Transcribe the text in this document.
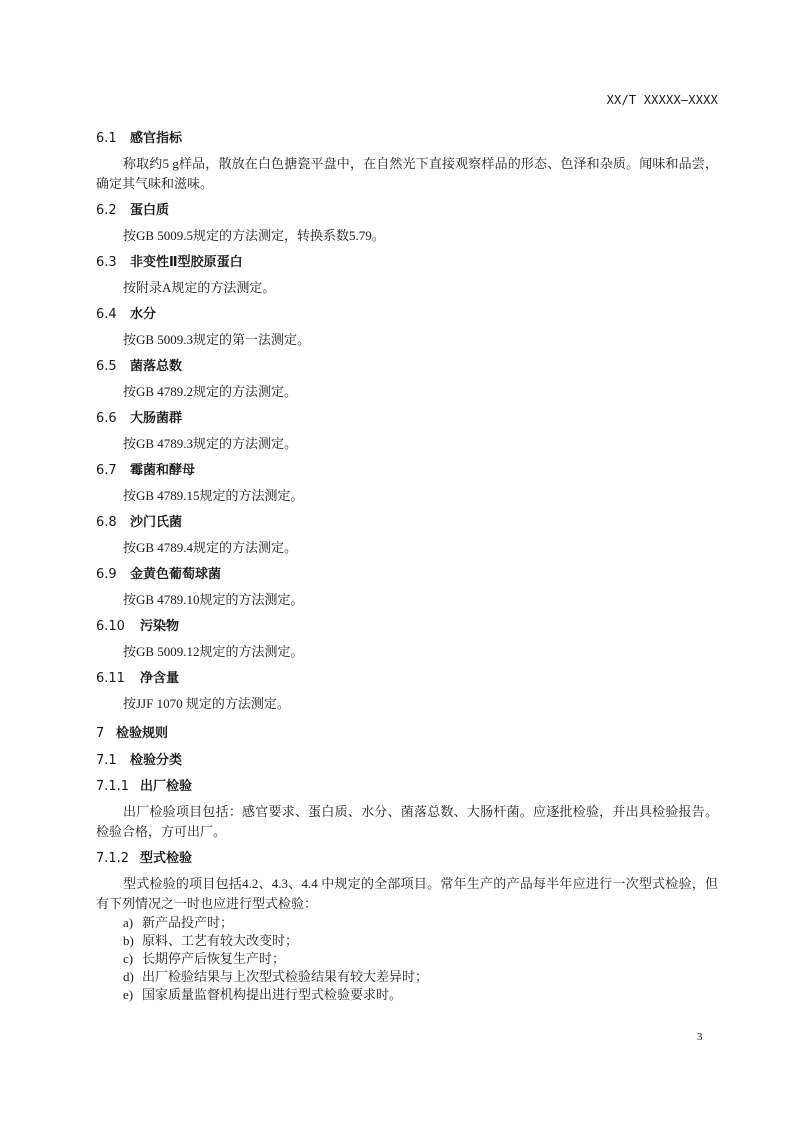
XX/T XXXXX—XXXX
6.1 感官指标

称取约5 g样品，散放在白色搪瓷平盘中，在自然光下直接观察样品的形态、色泽和杂质。闻味和品尝，确定其气味和滋味。

6.2 蛋白质

按GB 5009.5规定的方法测定，转换系数5.79。

6.3 非变性Ⅱ型胶原蛋白

按附录A规定的方法测定。

6.4 水分

按GB 5009.3规定的第一法测定。

6.5 菌落总数

按GB 4789.2规定的方法测定。

6.6 大肠菌群

按GB 4789.3规定的方法测定。

6.7 霉菌和酵母

按GB 4789.15规定的方法测定。

6.8 沙门氏菌

按GB 4789.4规定的方法测定。

6.9 金黄色葡萄球菌

按GB 4789.10规定的方法测定。

6.10 污染物

按GB 5009.12规定的方法测定。

6.11 净含量

按JJF 1070 规定的方法测定。

7 检验规则
7.1 检验分类
7.1.1 出厂检验

出厂检验项目包括：感官要求、蛋白质、水分、菌落总数、大肠杆菌。应逐批检验，并出具检验报告。检验合格，方可出厂。

7.1.2 型式检验

型式检验的项目包括4.2、4.3、4.4 中规定的全部项目。常年生产的产品每半年应进行一次型式检验，但有下列情况之一时也应进行型式检验：

a) 新产品投产时；
b) 原料、工艺有较大改变时；
c) 长期停产后恢复生产时；
d) 出厂检验结果与上次型式检验结果有较大差异时；
e) 国家质量监督机构提出进行型式检验要求时。
3
